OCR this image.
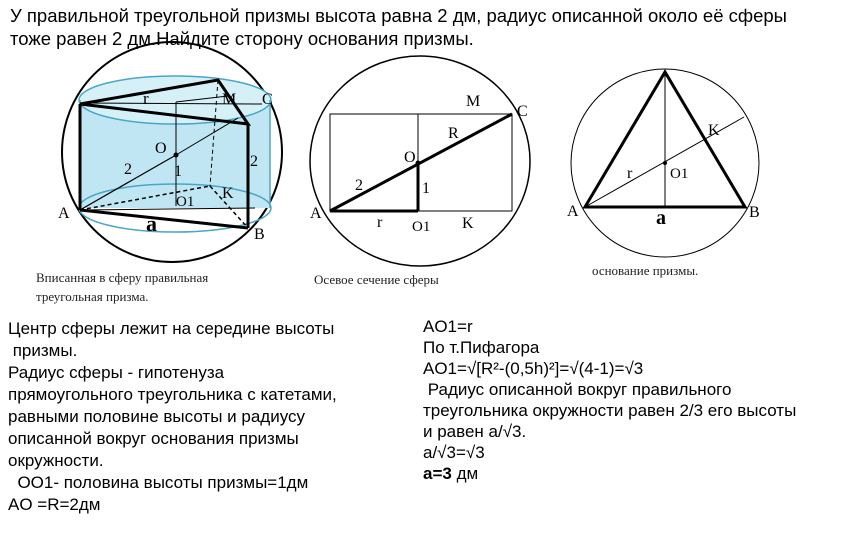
У правильной треугольной призмы высота равна 2 дм, радиус описанной около её сферы
тоже равен 2 дм.Найдите сторону основания призмы.
r	M C
O
2	1
2
K
O1
A	a	B
M
C
R
O
2	1
A
r O1 K
K
r	O1
A	a	B
Вписанная в сферу правильная
треугольная призма.
Осевое сечение сферы
основание призмы.
Центр сферы лежит на середине высоты
призмы.
Радиус сферы - гипотенуза
прямоугольного треугольника с катетами,
равными половине высоты и радиусу
описанной вокруг основания призмы
окружности.
OO1- половина высоты призмы=1дм
AO =R=2дм
AO1=r
По т.Пифагора
AO1=√[R²-(0,5h)²]=√(4-1)=√3
Радиус описанной вокруг правильного
треугольника окружности равен 2/3 его высоты
и равен a/√3.
a/√3=√3
a=3 дм
